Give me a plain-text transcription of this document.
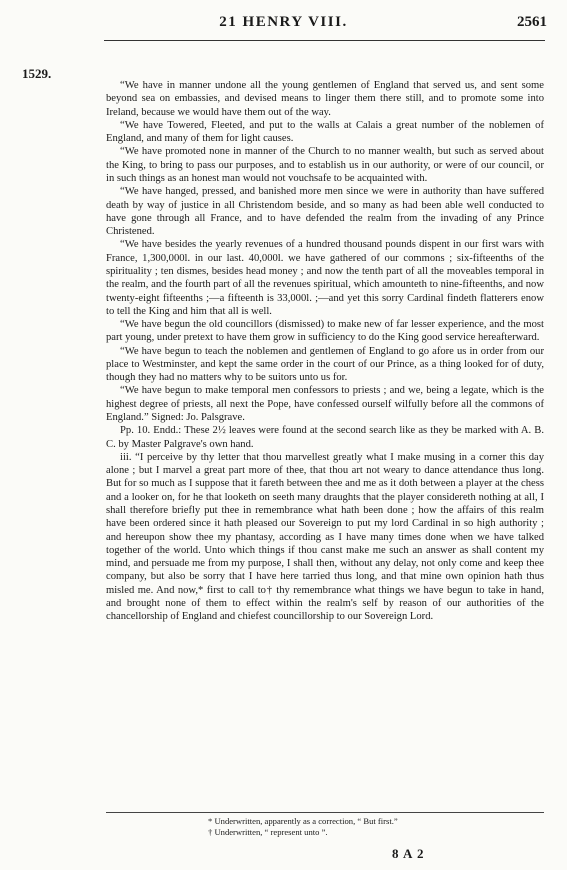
21 HENRY VIII.	2561
1529.

“We have in manner undone all the young gentlemen of England that served us, and sent some beyond sea on embassies, and devised means to linger them there still, and to promote some into Ireland, because we would have them out of the way.

“We have Towered, Fleeted, and put to the walls at Calais a great number of the noblemen of England, and many of them for light causes.

“We have promoted none in manner of the Church to no manner wealth, but such as served about the King, to bring to pass our purposes, and to establish us in our authority, or were of our council, or in such things as an honest man would not vouchsafe to be acquainted with.

“We have hanged, pressed, and banished more men since we were in authority than have suffered death by way of justice in all Christendom beside, and so many as had been able well conducted to have gone through all France, and to have defended the realm from the invading of any Prince Christened.

“We have besides the yearly revenues of a hundred thousand pounds dispent in our first wars with France, 1,300,000l. in our last. 40,000l. we have gathered of our commons ; six-fifteenths of the spirituality ; ten dismes, besides head money ; and now the tenth part of all the moveables temporal in the realm, and the fourth part of all the revenues spiritual, which amounteth to nine-fifteenths, and now twenty-eight fifteenths ;—a fifteenth is 33,000l. ;—and yet this sorry Cardinal findeth flatterers enow to tell the King and him that all is well.

“We have begun the old councillors (dismissed) to make new of far lesser experience, and the most part young, under pretext to have them grow in sufficiency to do the King good service hereafterward.

“We have begun to teach the noblemen and gentlemen of England to go afore us in order from our place to Westminster, and kept the same order in the court of our Prince, as a thing looked for of duty, though they had no matters why to be suitors unto us for.

“We have begun to make temporal men confessors to priests ; and we, being a legate, which is the highest degree of priests, all next the Pope, have confessed ourself wilfully before all the commons of England.” Signed: Jo. Palsgrave.

Pp. 10. Endd.: These 2½ leaves were found at the second search like as they be marked with A. B. C. by Master Palgrave's own hand.

iii. “I perceive by thy letter that thou marvellest greatly what I make musing in a corner this day alone ; but I marvel a great part more of thee, that thou art not weary to dance attendance thus long. But for so much as I suppose that it fareth between thee and me as it doth between a player at the chess and a looker on, for he that looketh on seeth many draughts that the player considereth nothing at all, I shall therefore briefly put thee in remembrance what hath been done ; how the affairs of this realm have been ordered since it hath pleased our Sovereign to put my lord Cardinal in so high authority ; and hereupon show thee my phantasy, according as I have many times done when we have talked together of the world. Unto which things if thou canst make me such an answer as shall content my mind, and persuade me from my purpose, I shall then, without any delay, not only come and keep thee company, but also be sorry that I have here tarried thus long, and that mine own opinion hath thus misled me. And now,* first to call to† thy remembrance what things we have begun to take in hand, and brought none of them to effect within the realm's self by reason of our authorities of the chancellorship of England and chiefest councillorship to our Sovereign Lord.

* Underwritten, apparently as a correction, “ But first.”

† Underwritten, “ represent unto ”.

8 A 2
